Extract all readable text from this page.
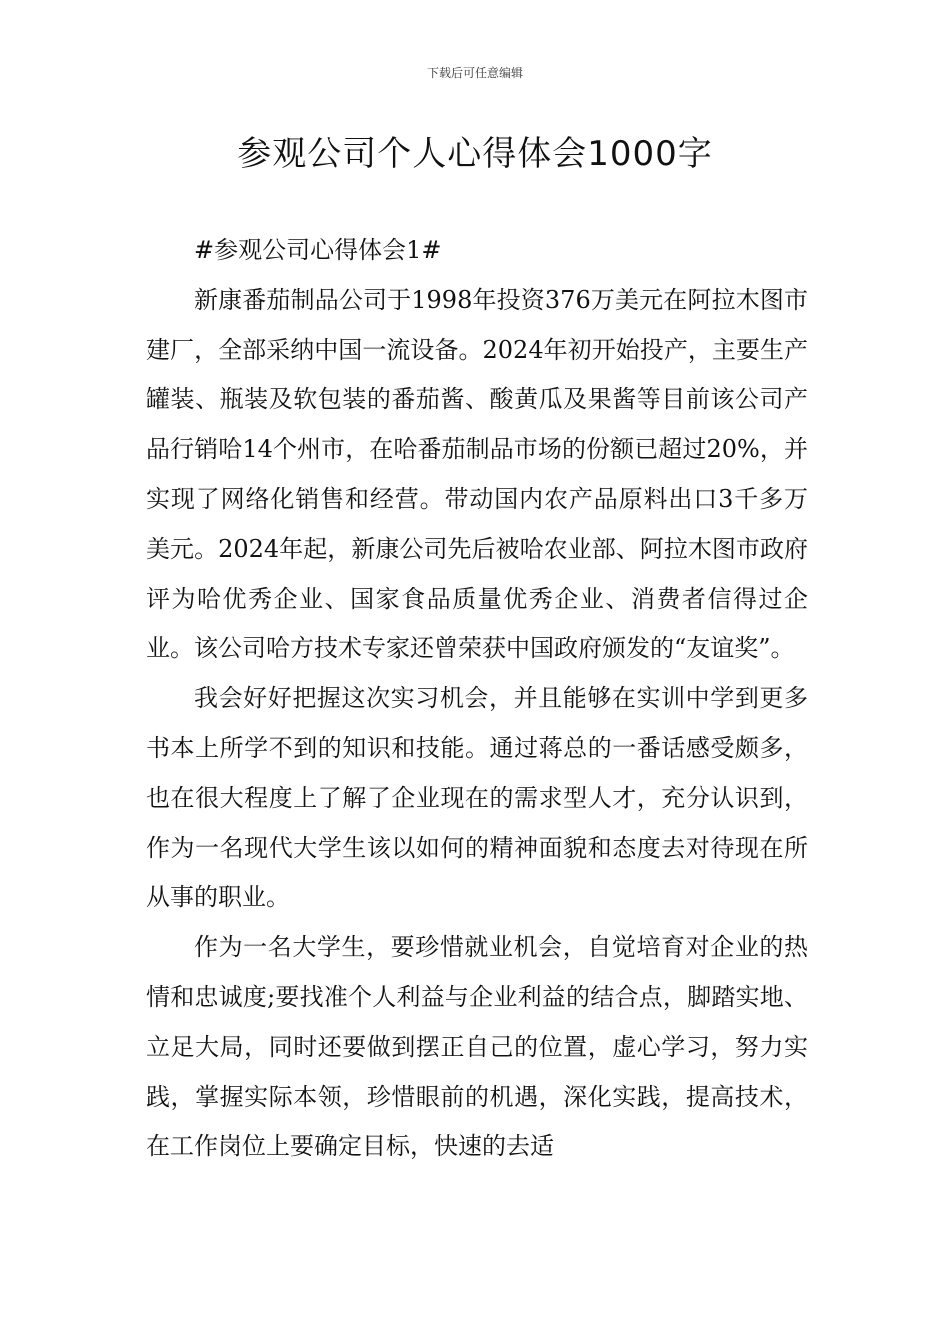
下载后可任意编辑
参观公司个人心得体会1000字

#参观公司心得体会1#

新康番茄制品公司于1998年投资376万美元在阿拉木图市建厂，全部采纳中国一流设备。2024年初开始投产，主要生产罐装、瓶装及软包装的番茄酱、酸黄瓜及果酱等目前该公司产品行销哈14个州市，在哈番茄制品市场的份额已超过20%，并实现了网络化销售和经营。带动国内农产品原料出口3千多万美元。2024年起，新康公司先后被哈农业部、阿拉木图市政府评为哈优秀企业、国家食品质量优秀企业、消费者信得过企业。该公司哈方技术专家还曾荣获中国政府颁发的“友谊奖”。

我会好好把握这次实习机会，并且能够在实训中学到更多书本上所学不到的知识和技能。通过蒋总的一番话感受颇多，也在很大程度上了解了企业现在的需求型人才，充分认识到，作为一名现代大学生该以如何的精神面貌和态度去对待现在所从事的职业。

作为一名大学生，要珍惜就业机会，自觉培育对企业的热情和忠诚度;要找准个人利益与企业利益的结合点，脚踏实地、立足大局，同时还要做到摆正自己的位置，虚心学习，努力实践，掌握实际本领，珍惜眼前的机遇，深化实践，提高技术，在工作岗位上要确定目标，快速的去适
